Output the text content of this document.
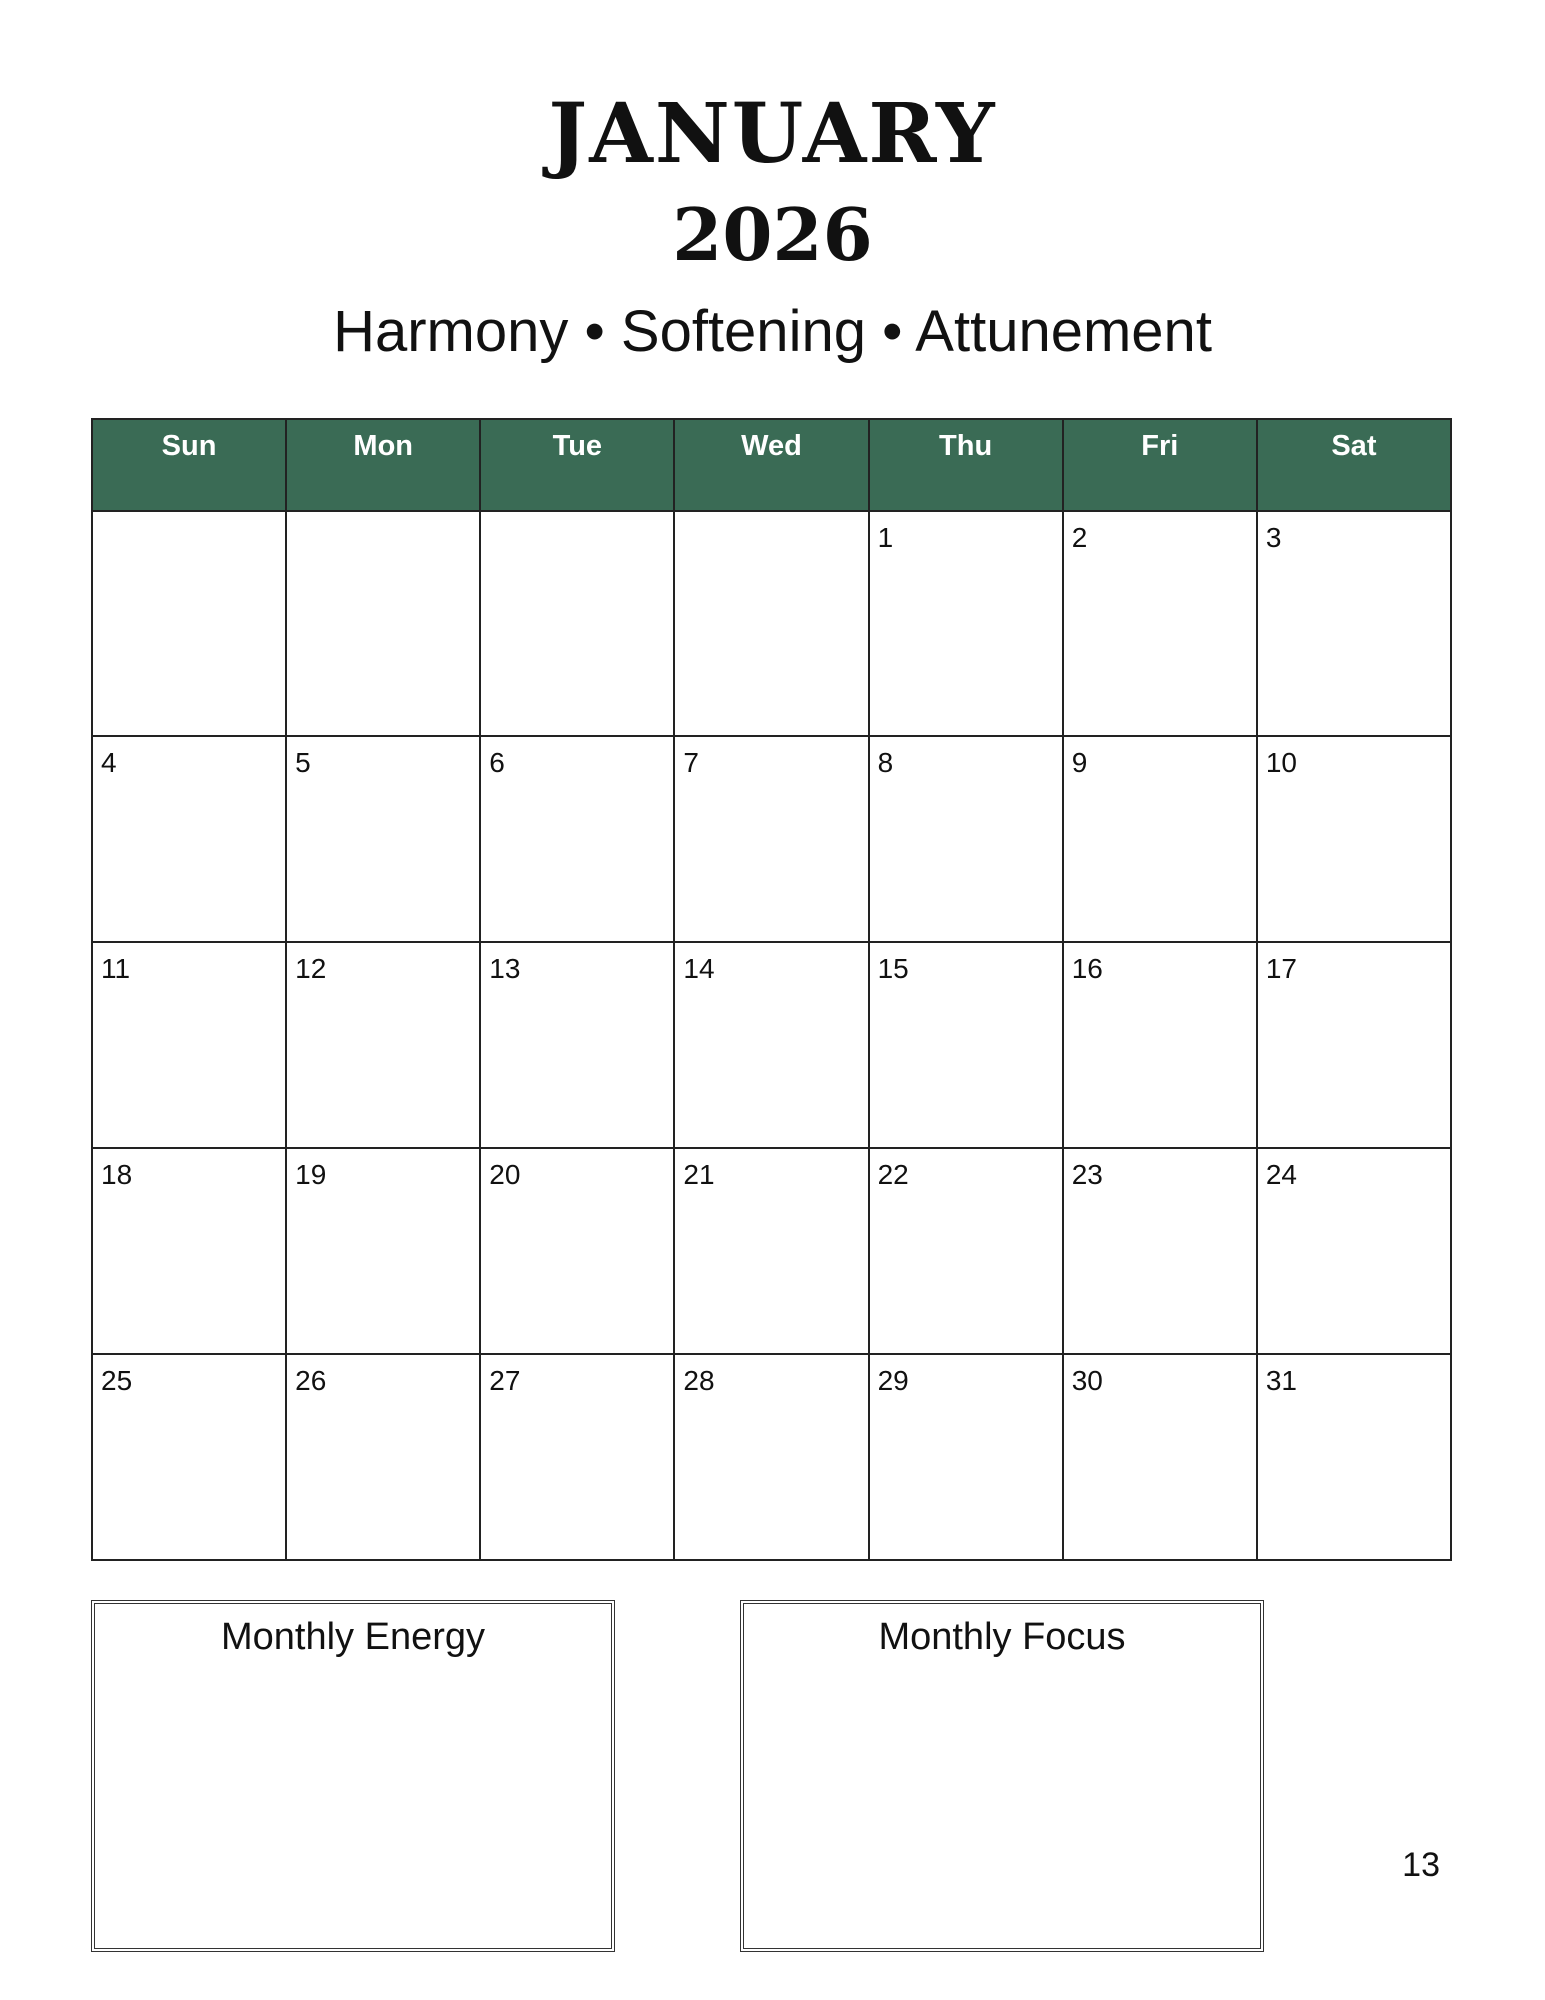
JANUARY
2026
Harmony • Softening • Attunement
Sun	Mon	Tue	Wed	Thu	Fri	Sat
				1	2	3
4	5	6	7	8	9	10
11	12	13	14	15	16	17
18	19	20	21	22	23	24
25	26	27	28	29	30	31
Monthly Energy	Monthly Focus
13
